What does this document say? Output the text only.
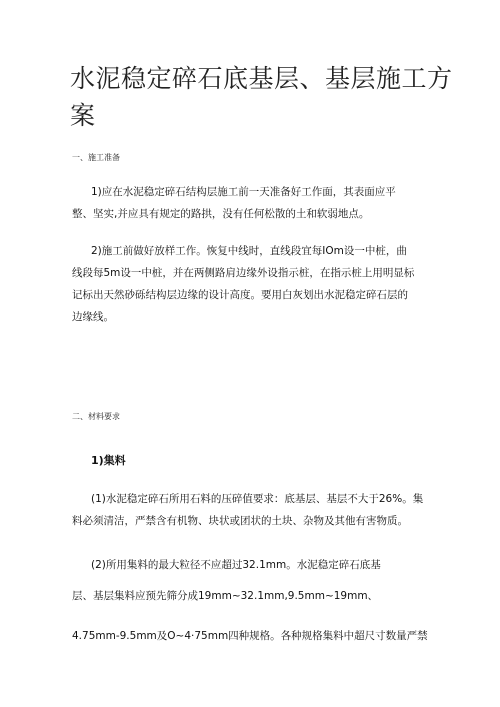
水泥稳定碎石底基层、基层施工方
案

一、施工准备

1)应在水泥稳定碎石结构层施工前一天准备好工作面，其表面应平
整、坚实,并应具有规定的路拱，没有任何松散的土和软弱地点。

2)施工前做好放样工作。恢复中线时，直线段宜每IOm设一中桩，曲
线段每5m设一中桩，并在两侧路肩边缘外设指示桩，在指示桩上用明显标
记标出天然砂砾结构层边缘的设计高度。要用白灰划出水泥稳定碎石层的
边缘线。

二、材料要求

1)集料

(1)水泥稳定碎石所用石料的压碎值要求：底基层、基层不大于26%。集
料必须清洁，严禁含有机物、块状或团状的土块、杂物及其他有害物质。

(2)所用集料的最大粒径不应超过32.1mm。水泥稳定碎石底基
层、基层集料应预先筛分成19mm~32.1mm,9.5mm~19mm、
4.75mm-9.5mm及O~4·75mm四种规格。各种规格集料中超尺寸数量严禁
